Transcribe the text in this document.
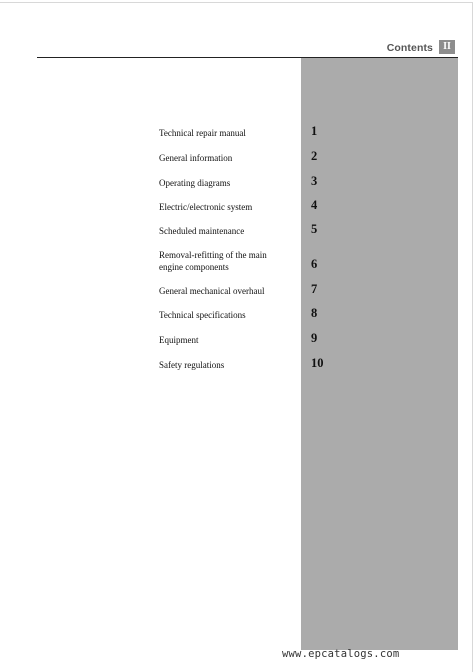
Contents	II
Technical repair manual	1
General information	2
Operating diagrams	3
Electric/electronic system	4
Scheduled maintenance	5
Removal-refitting of the main engine components	6
General mechanical overhaul	7
Technical specifications	8
Equipment	9
Safety regulations	10
www.epcatalogs.com
